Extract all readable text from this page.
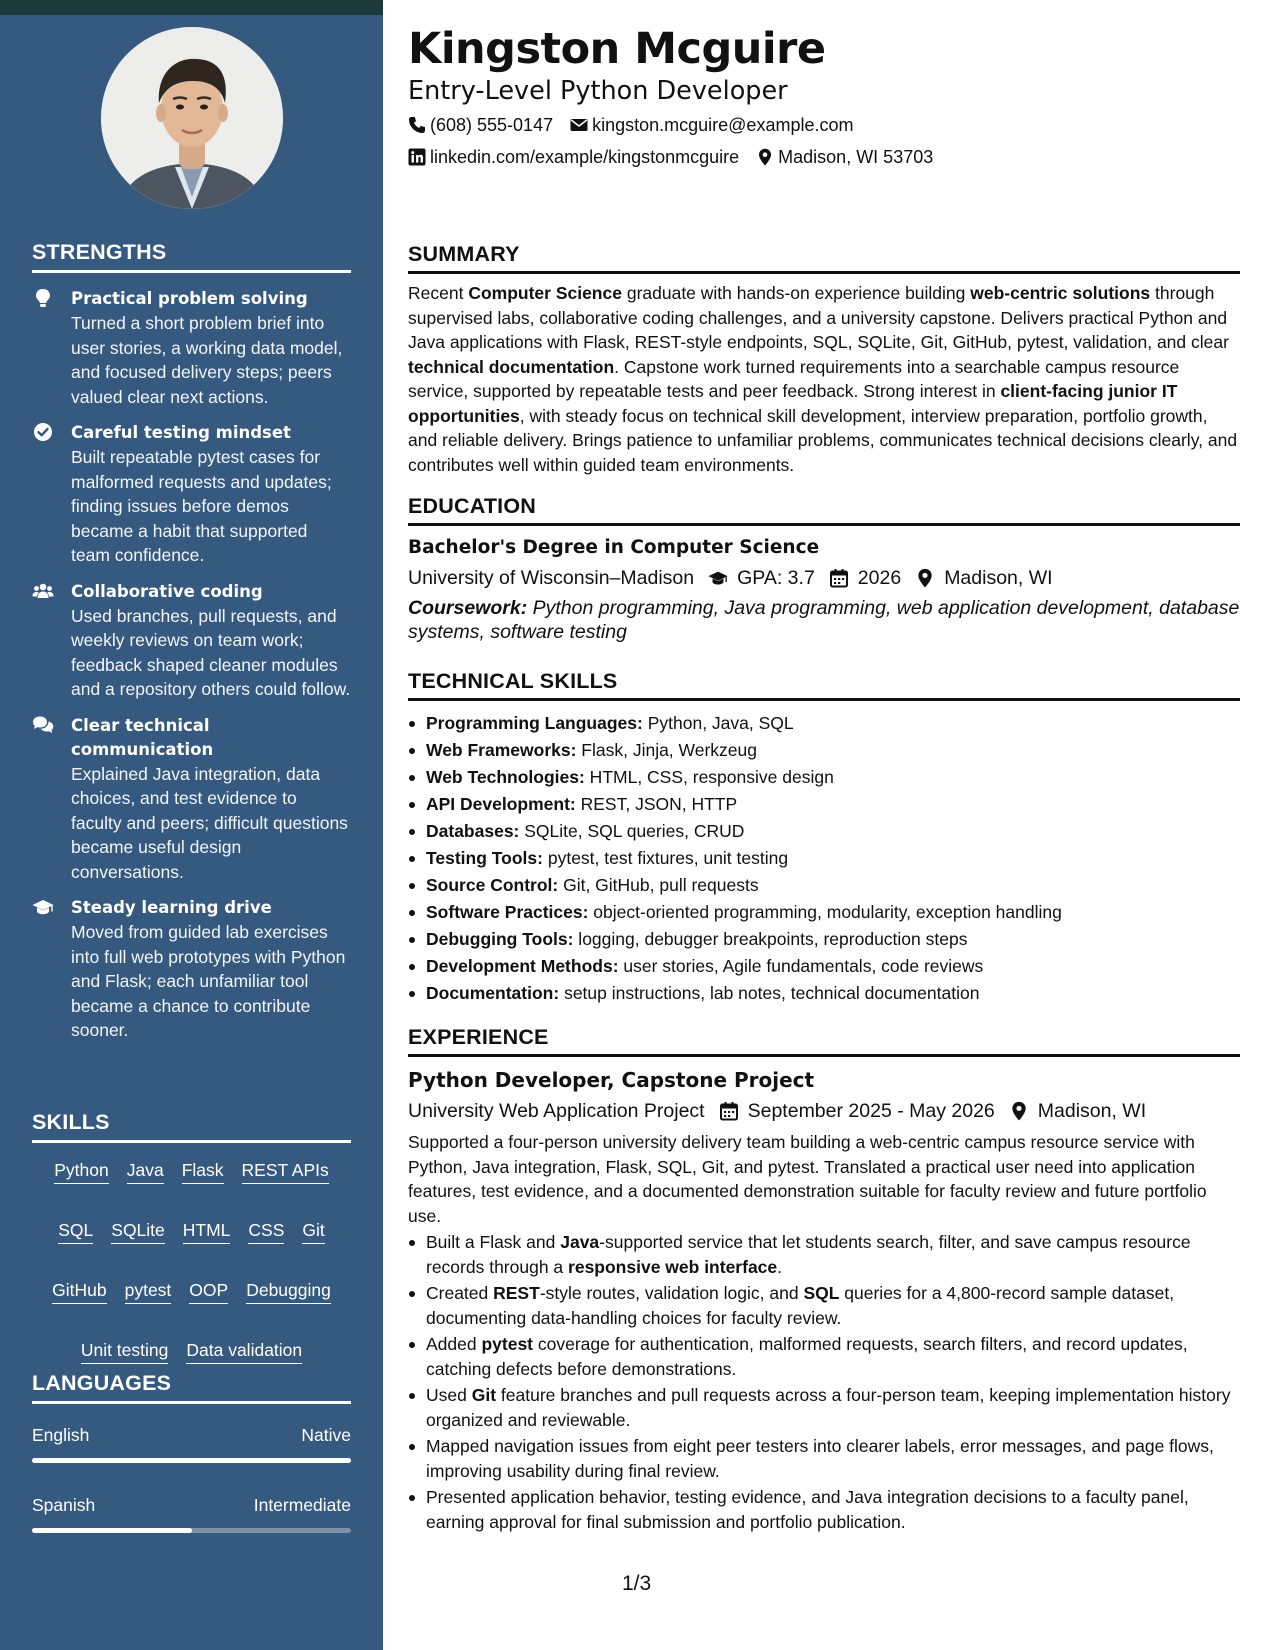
STRENGTHS
Practical problem solving
Turned a short problem brief into user stories, a working data model, and focused delivery steps; peers valued clear next actions.
Careful testing mindset
Built repeatable pytest cases for malformed requests and updates; finding issues before demos became a habit that supported team confidence.
Collaborative coding
Used branches, pull requests, and weekly reviews on team work; feedback shaped cleaner modules and a repository others could follow.
Clear technical communication
Explained Java integration, data choices, and test evidence to faculty and peers; difficult questions became useful design conversations.
Steady learning drive
Moved from guided lab exercises into full web prototypes with Python and Flask; each unfamiliar tool became a chance to contribute sooner.
SKILLS
Python	Java	Flask	REST APIs
SQL	SQLite	HTML	CSS	Git
GitHub	pytest	OOP	Debugging
Unit testing	Data validation
LANGUAGES
English	Native
Spanish	Intermediate
Kingston Mcguire
Entry-Level Python Developer
(608) 555-0147 kingston.mcguire@example.com
linkedin.com/example/kingstonmcguire Madison, WI 53703
SUMMARY
Recent Computer Science graduate with hands-on experience building web-centric solutions through supervised labs, collaborative coding challenges, and a university capstone. Delivers practical Python and Java applications with Flask, REST-style endpoints, SQL, SQLite, Git, GitHub, pytest, validation, and clear technical documentation. Capstone work turned requirements into a searchable campus resource service, supported by repeatable tests and peer feedback. Strong interest in client-facing junior IT opportunities, with steady focus on technical skill development, interview preparation, portfolio growth, and reliable delivery. Brings patience to unfamiliar problems, communicates technical decisions clearly, and contributes well within guided team environments.
EDUCATION
Bachelor's Degree in Computer Science
University of Wisconsin–Madison GPA: 3.7 2026 Madison, WI
Coursework: Python programming, Java programming, web application development, database systems, software testing
TECHNICAL SKILLS
Programming Languages: Python, Java, SQL
Web Frameworks: Flask, Jinja, Werkzeug
Web Technologies: HTML, CSS, responsive design
API Development: REST, JSON, HTTP
Databases: SQLite, SQL queries, CRUD
Testing Tools: pytest, test fixtures, unit testing
Source Control: Git, GitHub, pull requests
Software Practices: object-oriented programming, modularity, exception handling
Debugging Tools: logging, debugger breakpoints, reproduction steps
Development Methods: user stories, Agile fundamentals, code reviews
Documentation: setup instructions, lab notes, technical documentation
EXPERIENCE
Python Developer, Capstone Project
University Web Application Project September 2025 - May 2026 Madison, WI
Supported a four-person university delivery team building a web-centric campus resource service with Python, Java integration, Flask, SQL, Git, and pytest. Translated a practical user need into application features, test evidence, and a documented demonstration suitable for faculty review and future portfolio use.
Built a Flask and Java-supported service that let students search, filter, and save campus resource records through a responsive web interface.
Created REST-style routes, validation logic, and SQL queries for a 4,800-record sample dataset, documenting data-handling choices for faculty review.
Added pytest coverage for authentication, malformed requests, search filters, and record updates, catching defects before demonstrations.
Used Git feature branches and pull requests across a four-person team, keeping implementation history organized and reviewable.
Mapped navigation issues from eight peer testers into clearer labels, error messages, and page flows, improving usability during final review.
Presented application behavior, testing evidence, and Java integration decisions to a faculty panel, earning approval for final submission and portfolio publication.
1/3
